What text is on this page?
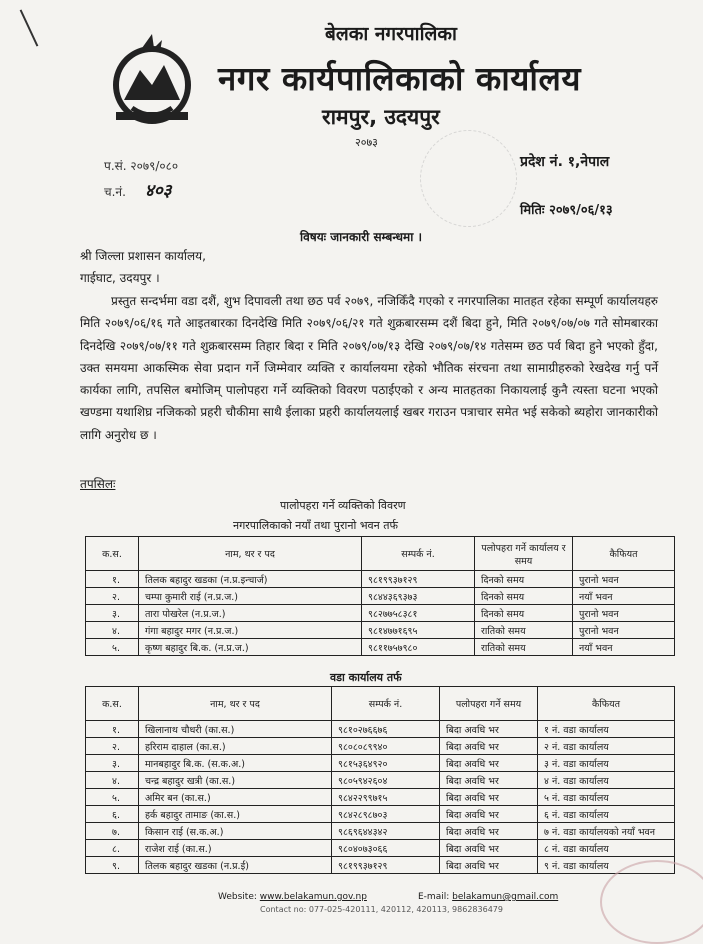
बेलका नगरपालिका
नगर कार्यपालिकाको कार्यालय
रामपुर, उदयपुर
२०७३
प.सं. २०७९/०८०
च.नं. ४०३
प्रदेश नं. १,नेपाल
मितिः २०७९/०६/१३
विषयः जानकारी सम्बन्धमा ।
श्री जिल्ला प्रशासन कार्यालय,
गाईघाट, उदयपुर ।
प्रस्तुत सन्दर्भमा वडा दशैं, शुभ दिपावली तथा छठ पर्व २०७९, नजिकिँदै गएको र नगरपालिका मातहत रहेका सम्पूर्ण कार्यालयहरु मिति २०७९/०६/१६ गते आइतबारका दिनदेखि मिति २०७९/०६/२१ गते शुक्रबारसम्म दशैं बिदा हुने, मिति २०७९/०७/०७ गते सोमबारका दिनदेखि २०७९/०७/११ गते शुक्रबारसम्म तिहार बिदा र मिति २०७९/०७/१३ देखि २०७९/०७/१४ गतेसम्म छठ पर्व बिदा हुने भएको हुँदा, उक्त समयमा आकस्मिक सेवा प्रदान गर्ने जिम्मेवार व्यक्ति र कार्यालयमा रहेको भौतिक संरचना तथा सामाग्रीहरुको रेखदेख गर्नु पर्ने कार्यका लागि, तपसिल बमोजिम् पालोपहरा गर्ने व्यक्तिको विवरण पठाईएको र अन्य मातहतका निकायलाई कुनै त्यस्ता घटना भएको खण्डमा यथाशिघ्र नजिकको प्रहरी चौकीमा साथै ईलाका प्रहरी कार्यालयलाई खबर गराउन पत्राचार समेत भई सकेको ब्यहोरा जानकारीको लागि अनुरोध छ ।
तपसिलः
पालोपहरा गर्ने व्यक्तिको विवरण
नगरपालिकाको नयाँ तथा पुरानो भवन तर्फ
क.स.	नाम, थर र पद	सम्पर्क नं.	पलोपहरा गर्ने कार्यालय र समय	कैफियत
१.	तिलक बहादुर खडका (न.प्र.इन्चार्ज)	९८१९९३७१२९	दिनको समय	पुरानो भवन
२.	चम्पा कुमारी राई (न.प्र.ज.)	९८४४३६९३७३	दिनको समय	नयाँ भवन
३.	तारा पोखरेल (न.प्र.ज.)	९८२७७५८३८१	दिनको समय	पुरानो भवन
४.	गंगा बहादुर मगर (न.प्र.ज.)	९८१४७७१६९५	रातिको समय	पुरानो भवन
५.	कृष्ण बहादुर बि.क. (न.प्र.ज.)	९८११७५७९८०	रातिको समय	नयाँ भवन
वडा कार्यालय तर्फ
क.स.	नाम, थर र पद	सम्पर्क नं.	पलोपहरा गर्ने समय	कैफियत
१.	खिलानाथ चौधरी (का.स.)	९८१०२७६६७६	बिदा अवधि भर	१ नं. वडा कार्यालय
२.	हरिराम दाहाल (का.स.)	९८०८०८९९४०	बिदा अवधि भर	२ नं. वडा कार्यालय
३.	मानबहादुर बि.क. (स.क.अ.)	९८१५३६४९२०	बिदा अवधि भर	३ नं. वडा कार्यालय
४.	चन्द्र बहादुर खत्री (का.स.)	९८०५९४२६०४	बिदा अवधि भर	४ नं. वडा कार्यालय
५.	अमिर बन (का.स.)	९८४२२९९७१५	बिदा अवधि भर	५ नं. वडा कार्यालय
६.	हर्क बहादुर तामाङ (का.स.)	९८४२८९८७०३	बिदा अवधि भर	६ नं. वडा कार्यालय
७.	किसान राई (स.क.अ.)	९८६९६४४३४२	बिदा अवधि भर	७ नं. वडा कार्यालयको नयाँ भवन
८.	राजेश राई (का.स.)	९८०४०७३०६६	बिदा अवधि भर	८ नं. वडा कार्यालय
९.	तिलक बहादुर खडका (न.प्र.ई)	९८१९९३७१२९	बिदा अवधि भर	९ नं. वडा कार्यालय
Website: www.belakamun.gov.np	E-mail: belakamun@gmail.com
Contact no: 077-025-420111, 420112, 420113, 9862836479
